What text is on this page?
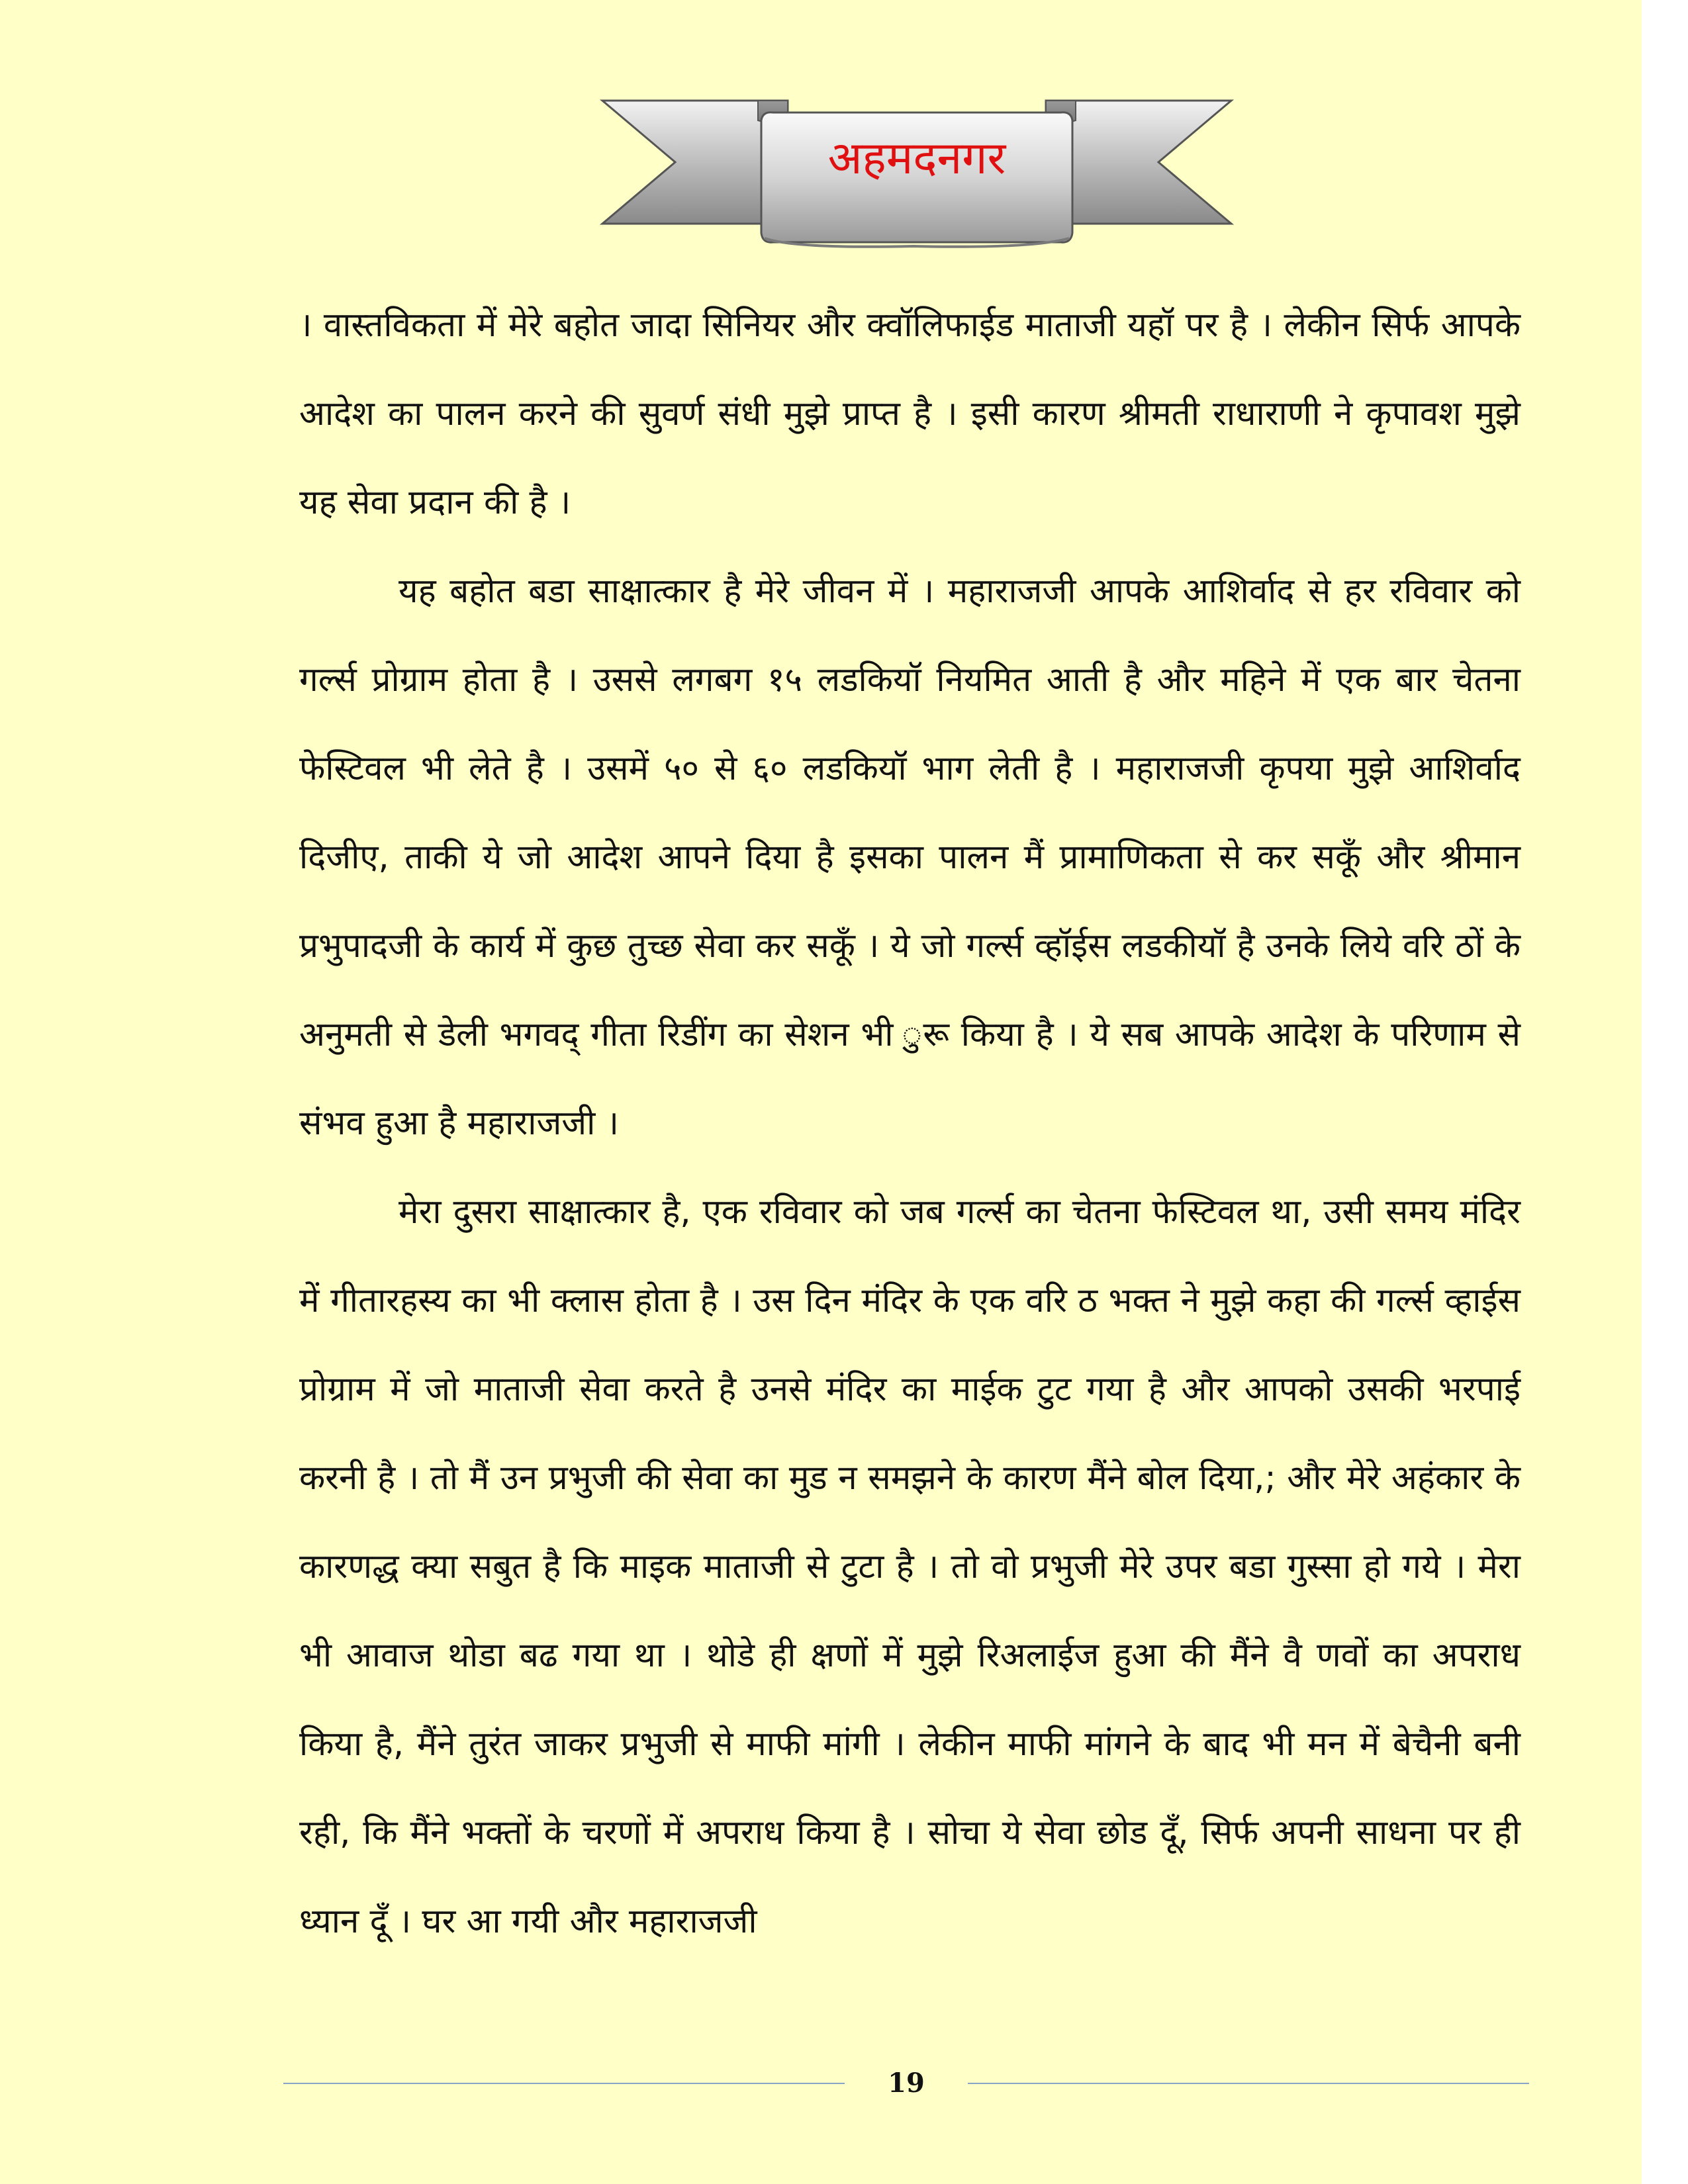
अहमदनगर

। वास्तविकता में मेरे बहोत जादा सिनियर और क्वॉलिफाईड माताजी यहॉ पर है । लेकीन सिर्फ आपके आदेश का पालन करने की सुवर्ण संधी मुझे प्राप्त है । इसी कारण श्रीमती राधाराणी ने कृपावश मुझे यह सेवा प्रदान की है ।

यह बहोत बडा साक्षात्कार है मेरे जीवन में । महाराजजी आपके आशिर्वाद से हर रविवार को गर्ल्स प्रोग्राम होता है । उससे लगबग १५ लडकियॉ नियमित आती है और महिने में एक बार चेतना फेस्टिवल भी लेते है । उसमें ५० से ६० लडकियॉ भाग लेती है । महाराजजी कृपया मुझे आशिर्वाद दिजीए, ताकी ये जो आदेश आपने दिया है इसका पालन मैं प्रामाणिकता से कर सकूँ और श्रीमान प्रभुपादजी के कार्य में कुछ तुच्छ सेवा कर सकूँ । ये जो गर्ल्स व्हॉईस लडकीयॉ है उनके लिये वरि ठों के अनुमती से डेली भगवद् गीता रिडींग का सेशन भी ुरू किया है । ये सब आपके आदेश के परिणाम से संभव हुआ है महाराजजी ।

मेरा दुसरा साक्षात्कार है, एक रविवार को जब गर्ल्स का चेतना फेस्टिवल था, उसी समय मंदिर में गीतारहस्य का भी क्लास होता है । उस दिन मंदिर के एक वरि ठ भक्त ने मुझे कहा की गर्ल्स व्हाईस प्रोग्राम में जो माताजी सेवा करते है उनसे मंदिर का माईक टुट गया है और आपको उसकी भरपाई करनी है । तो मैं उन प्रभुजी की सेवा का मुड न समझने के कारण मैंने बोल दिया,; और मेरे अहंकार के कारणद्ध क्या सबुत है कि माइक माताजी से टुटा है । तो वो प्रभुजी मेरे उपर बडा गुस्सा हो गये । मेरा भी आवाज थोडा बढ गया था । थोडे ही क्षणों में मुझे रिअलाईज हुआ की मैंने वै णवों का अपराध किया है, मैंने तुरंत जाकर प्रभुजी से माफी मांगी । लेकीन माफी मांगने के बाद भी मन में बेचैनी बनी रही, कि मैंने भक्तों के चरणों में अपराध किया है । सोचा ये सेवा छोड दूँ, सिर्फ अपनी साधना पर ही ध्यान दूँ । घर आ गयी और महाराजजी

19
